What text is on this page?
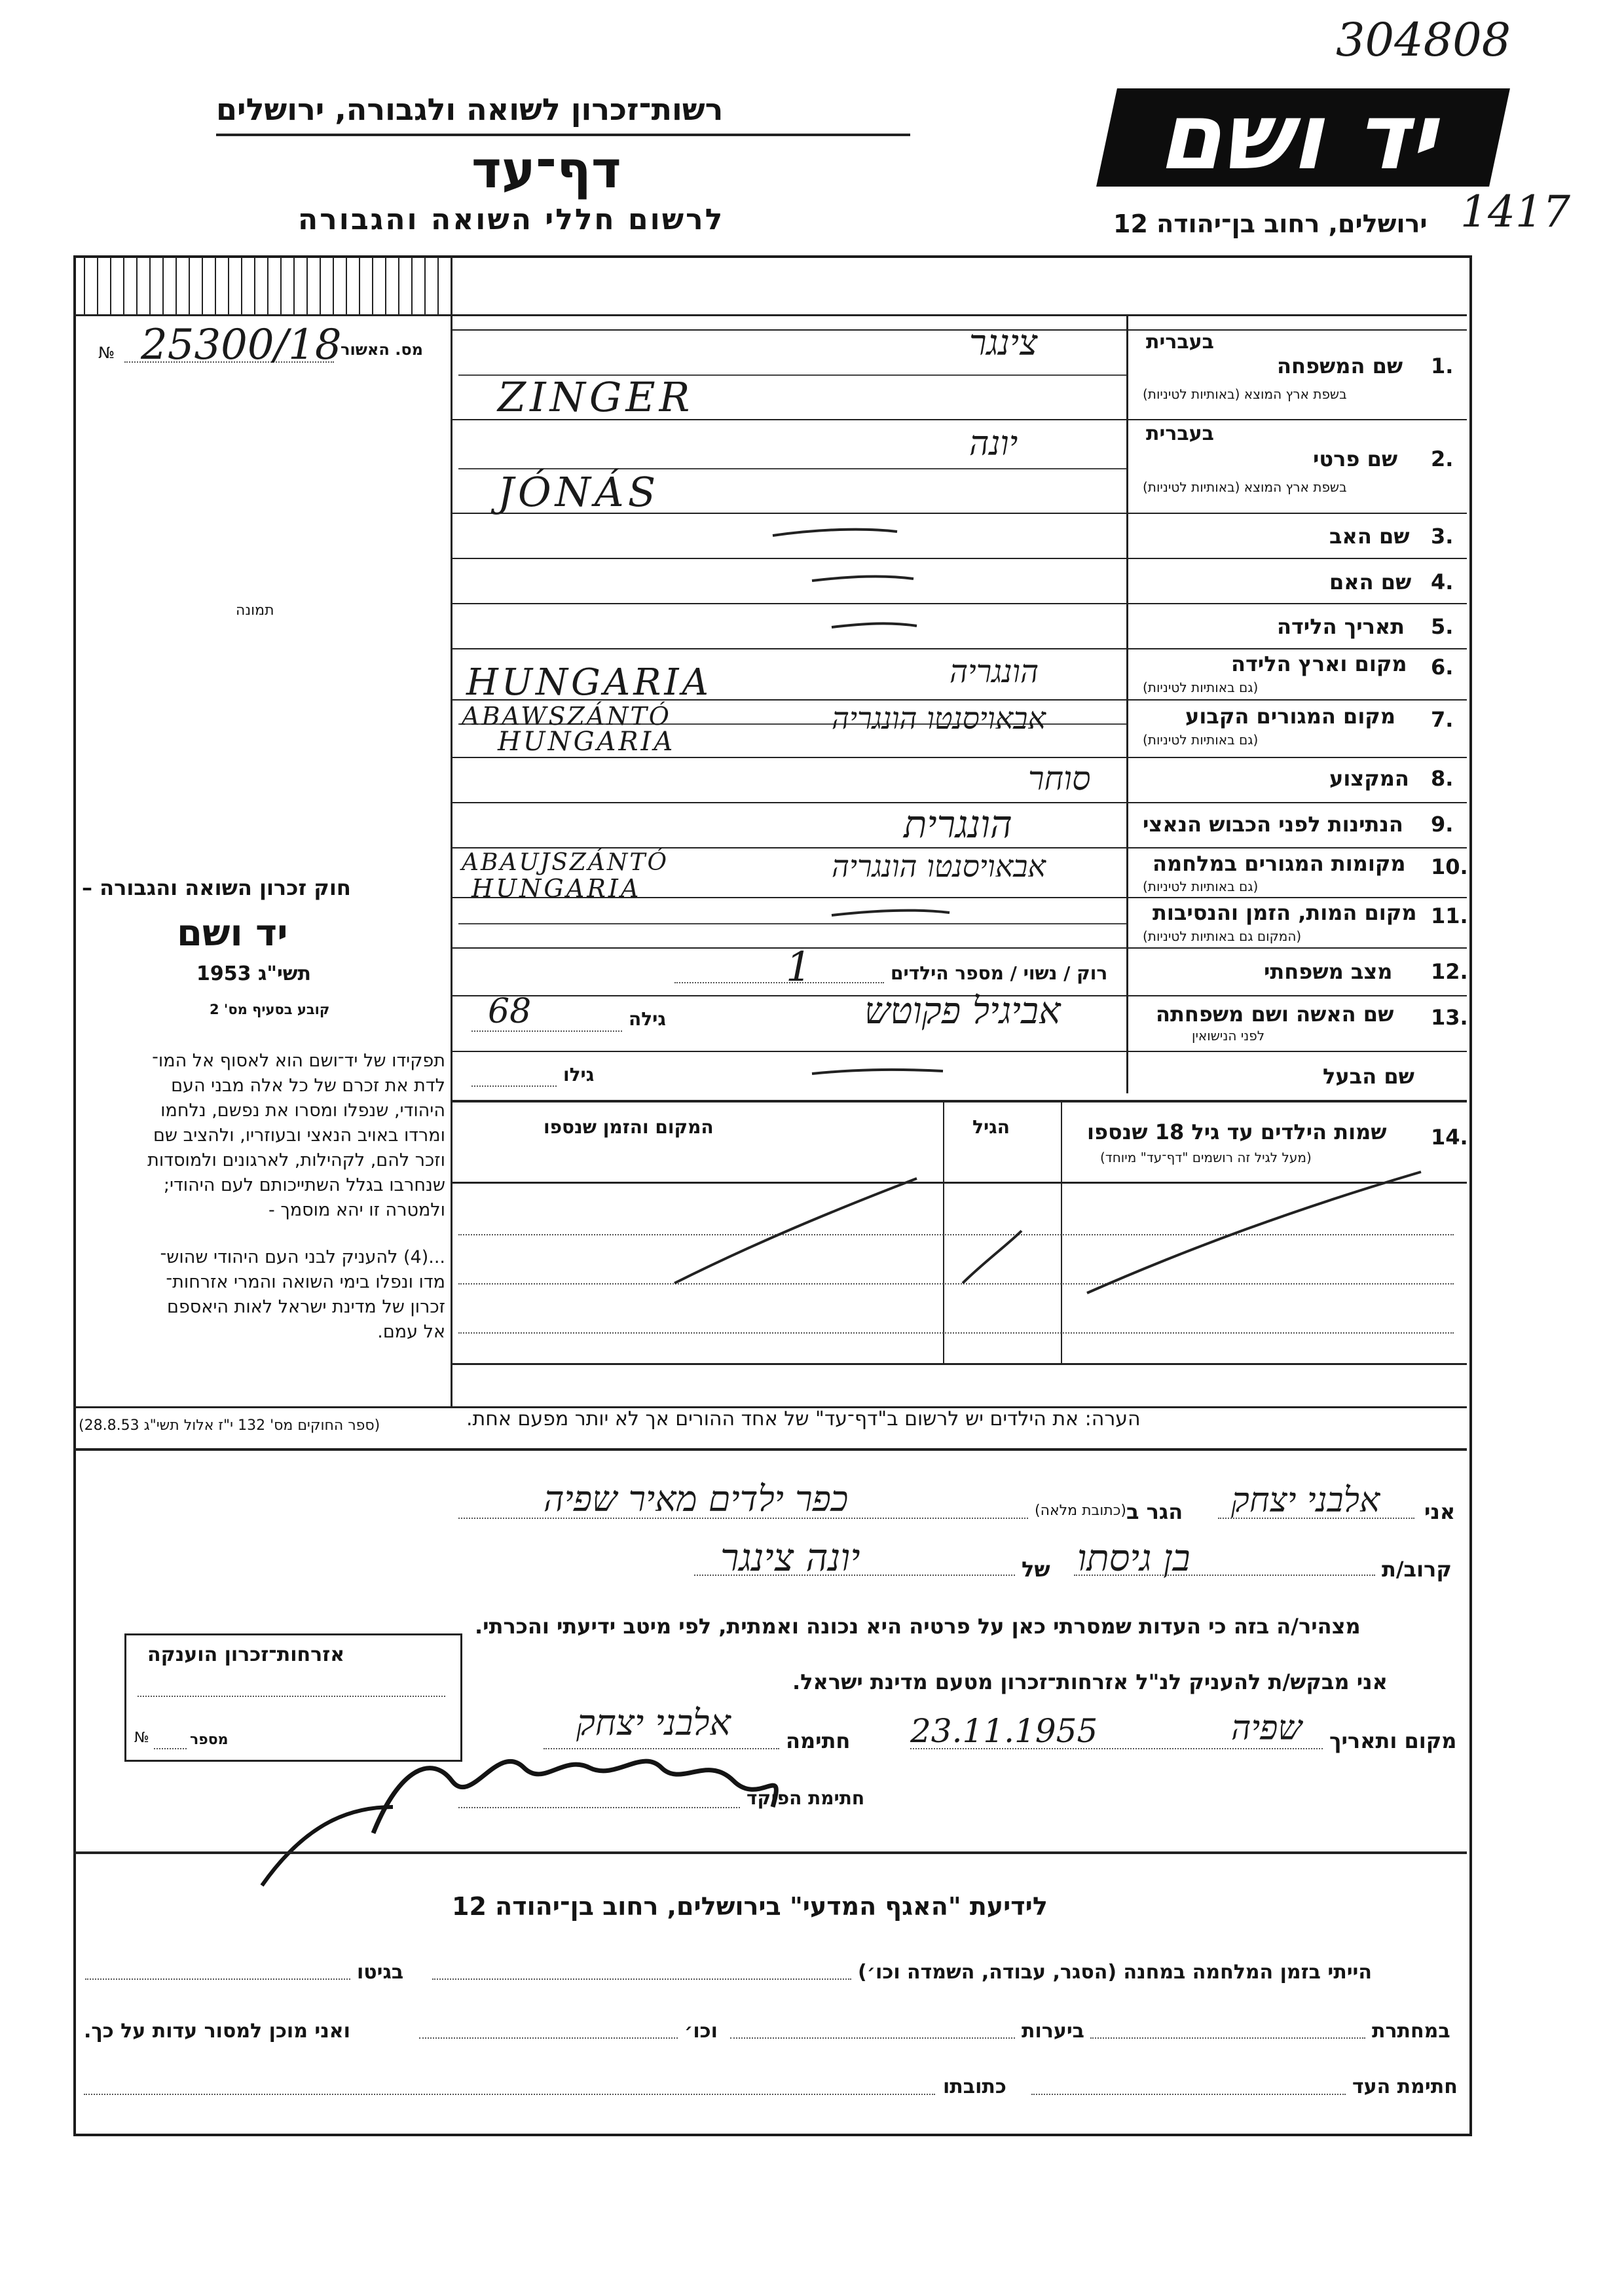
רשות־זכרון לשואה ולגבורה, ירושלים
דף־עד
לרשום חללי השואה והגבורה
יד ושם
ירושלים, רחוב בן־יהודה 12
304808
1417
מס. האשור
№ 25300/18
תמונה
חוק זכרון השואה והגבורה –
יד ושם
תשי"ג 1953
קובע בסעיף מס' 2
תפקידו של יד־ושם הוא לאסוף אל המו־
לדת את זכרם של כל אלה מבני העם
היהודי, שנפלו ומסרו את נפשם, נלחמו
ומרדו באויב הנאצי ובעוזריו, ולהציב שם
וזכר להם, לקהילות, לארגונים ולמוסדות
שנחרבו בגלל השתייכותם לעם היהודי;
ולמטרה זו יהא מוסמך -
...(4) להעניק לבני העם היהודי שהוש־
מדו ונפלו בימי השואה והמרי אזרחות־
זכרון של מדינת ישראל לאות היאספם
אל עמם.
בעברית
1.
שם המשפחה
בשפת ארץ המוצא (באותיות לטיניות)
צינגר
ZINGER
בעברית
2.
שם פרטי
בשפת ארץ המוצא (באותיות לטיניות)
יונה
JÓNÁS
3.
שם האב
4.
שם האם
5.
תאריך הלידה
6.
מקום וארץ הלידה
(גם באותיות לטיניות)
הונגריה
HUNGARIA
7.
מקום המגורים הקבוע
(גם באותיות לטיניות)
אבאויסנטו הונגריה
ABAWSZÁNTÓ
HUNGARIA
8.
המקצוע
סוחר
9.
הנתינות לפני הכבוש הנאצי
הונגרית
10.
מקומות המגורים במלחמה
(גם באותיות לטיניות)
אבאויסנטו הונגריה
ABAUJSZÁNTÓ
HUNGARIA
11.
מקום המות, הזמן והנסיבות
(המקום גם באותיות לטיניות)
12.
מצב משפחתי
רוק / נשוי / מספר הילדים
1
13.
שם האשה ושם משפחתה
לפני הנישואין
גילה
68	אביגיל פקוטש
שם הבעל
גילו
14.
שמות הילדים עד גיל 18 שנספו
(מעל לגיל זה רושמים "דף־עד" מיוחד)
הגיל
המקום והזמן שנספו
הערה: את הילדים יש לרשום ב"דף־עד" של אחד ההורים אך לא יותר מפעם אחת.
(ספר החוקים מס' 132 י"ז אלול תשי"ג 28.8.53)
אני
אלבני יצחק
הגר ב
(כתובת מלאה)
כפר ילדים מאיר שפיה
קרוב/ת
בן גיסתו
של
יונה צינגר
מצהיר/ה בזה כי העדות שמסרתי כאן על פרטיה היא נכונה ואמתית, לפי מיטב ידיעתי והכרתי.
אני מבקש/ת להעניק לנ"ל אזרחות־זכרון מטעם מדינת ישראל.
מקום ותאריך
שפיה
23.11.1955
חתימה
אלבני יצחק
חתימת הפוקד
אזרחות־זכרון הוענקה
№	מספר
לידיעת "האגף המדעי" בירושלים, רחוב בן־יהודה 12
הייתי בזמן המלחמה במחנה (הסגר, עבודה, השמדה וכו׳)
בגיטו
במחתרת
ביערות
וכו׳
ואני מוכן למסור עדות על כך.
חתימת העד
כתובתו
